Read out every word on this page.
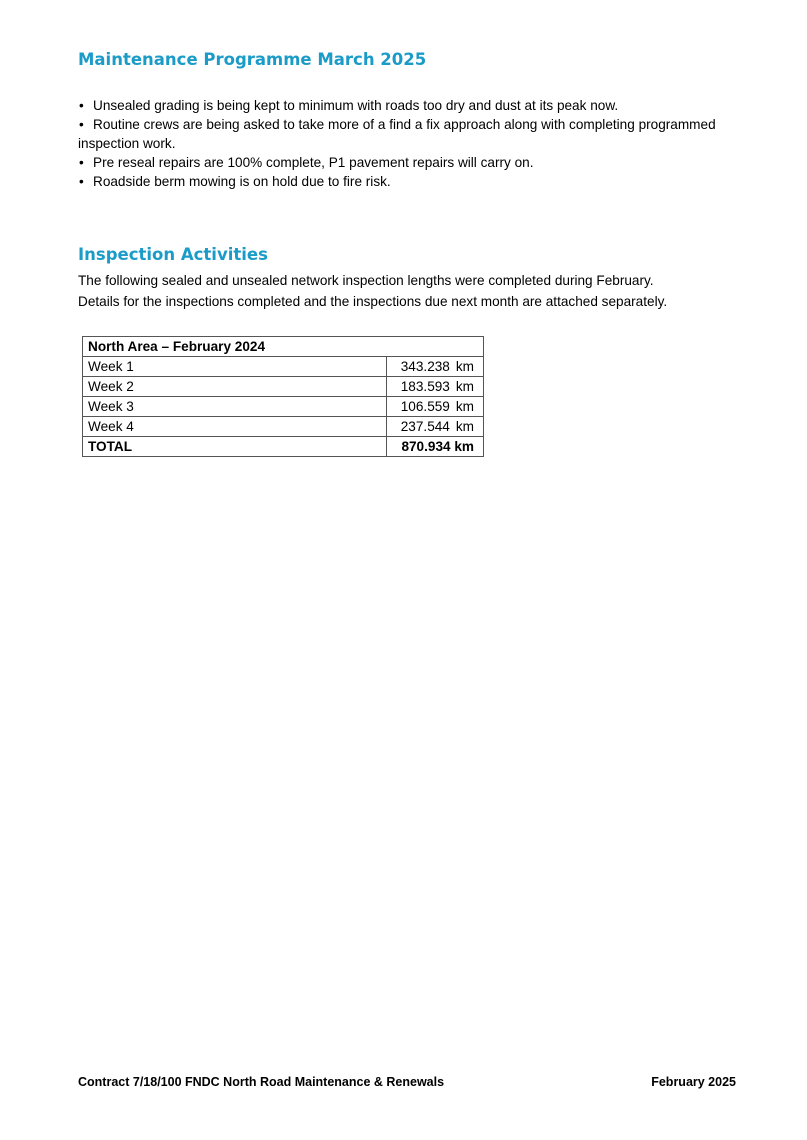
Maintenance Programme March 2025
• Unsealed grading is being kept to minimum with roads too dry and dust at its peak now.
• Routine crews are being asked to take more of a find a fix approach along with completing programmed inspection work.
• Pre reseal repairs are 100% complete, P1 pavement repairs will carry on.
• Roadside berm mowing is on hold due to fire risk.
Inspection Activities

The following sealed and unsealed network inspection lengths were completed during February.

Details for the inspections completed and the inspections due next month are attached separately.

North Area – February 2024	
Week 1	343.238 km
Week 2	183.593 km
Week 3	106.559 km
Week 4	237.544 km
TOTAL	870.934 km
Contract 7/18/100 FNDC North Road Maintenance & Renewals	February 2025
